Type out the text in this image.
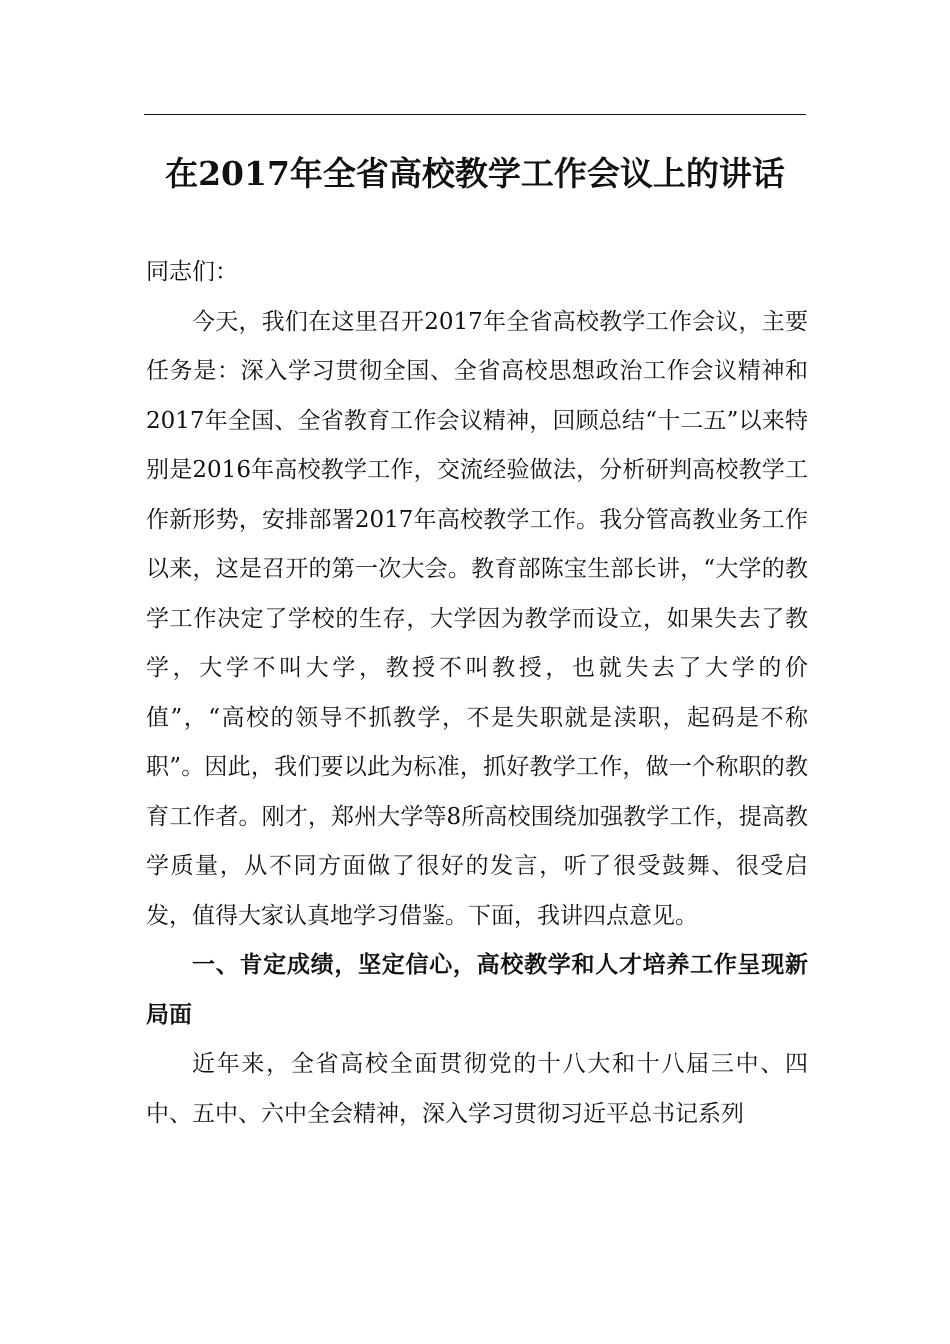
在2017年全省高校教学工作会议上的讲话

同志们：

今天，我们在这里召开2017年全省高校教学工作会议，主要任务是：深入学习贯彻全国、全省高校思想政治工作会议精神和2017年全国、全省教育工作会议精神，回顾总结“十二五”以来特别是2016年高校教学工作，交流经验做法，分析研判高校教学工作新形势，安排部署2017年高校教学工作。我分管高教业务工作以来，这是召开的第一次大会。教育部陈宝生部长讲，“大学的教学工作决定了学校的生存，大学因为教学而设立，如果失去了教学，大学不叫大学，教授不叫教授，也就失去了大学的价值”，“高校的领导不抓教学，不是失职就是渎职，起码是不称职”。因此，我们要以此为标准，抓好教学工作，做一个称职的教育工作者。刚才，郑州大学等8所高校围绕加强教学工作，提高教学质量，从不同方面做了很好的发言，听了很受鼓舞、很受启发，值得大家认真地学习借鉴。下面，我讲四点意见。

一、肯定成绩，坚定信心，高校教学和人才培养工作呈现新局面

近年来，全省高校全面贯彻党的十八大和十八届三中、四中、五中、六中全会精神，深入学习贯彻习近平总书记系列
